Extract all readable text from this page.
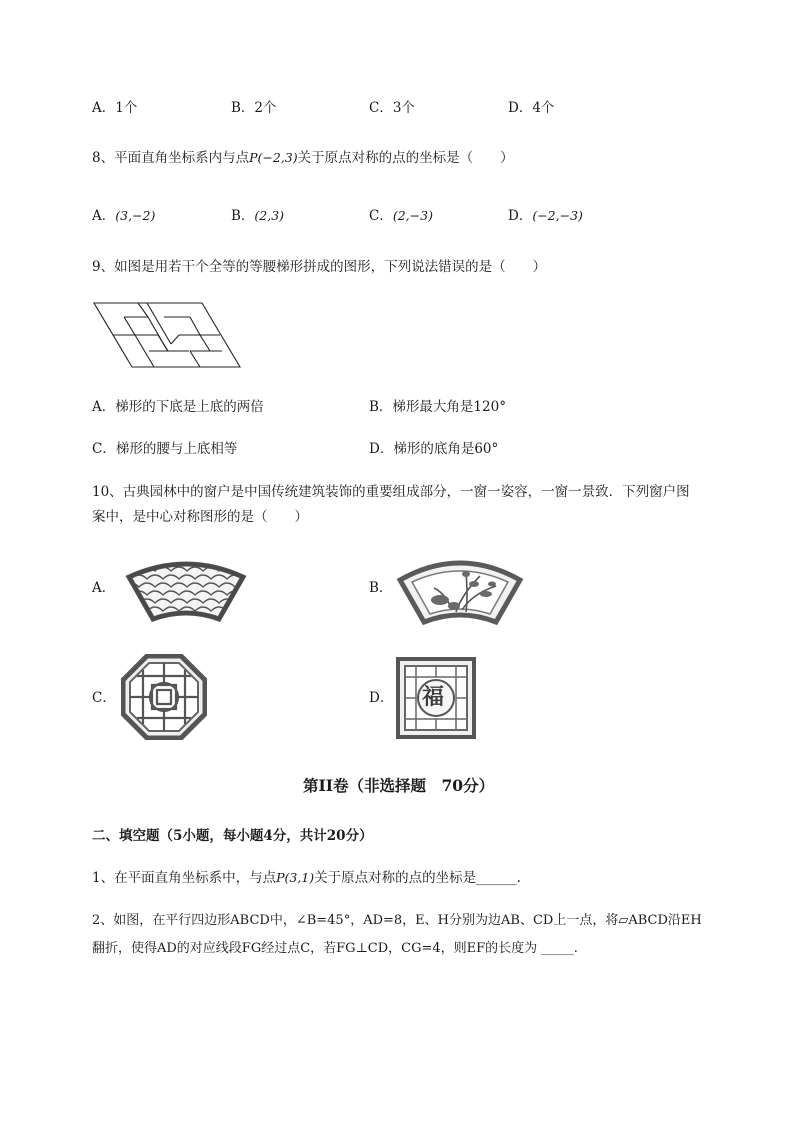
A．1个	B．2个	C．3个	D．4个
8、平面直角坐标系内与点P(−2,3)关于原点对称的点的坐标是（　　）
A．(3,−2)	B．(2,3)	C．(2,−3)	D．(−2,−3)
9、如图是用若干个全等的等腰梯形拼成的图形，下列说法错误的是（　　）
A．梯形的下底是上底的两倍	B．梯形最大角是120°
C．梯形的腰与上底相等	D．梯形的底角是60°
10、古典园林中的窗户是中国传统建筑装饰的重要组成部分，一窗一姿容，一窗一景致．下列窗户图
案中，是中心对称图形的是（　　）
A．	B．
C．	D． 福
第II卷（非选择题　70分）
二、填空题（5小题，每小题4分，共计20分）
1、在平面直角坐标系中，与点P(3,1)关于原点对称的点的坐标是______.
2、如图，在平行四边形ABCD中，∠B=45°，AD=8，E、H分别为边AB、CD上一点，将▱ABCD沿EH
翻折，使得AD的对应线段FG经过点C，若FG⊥CD，CG=4，则EF的长度为 _____.
